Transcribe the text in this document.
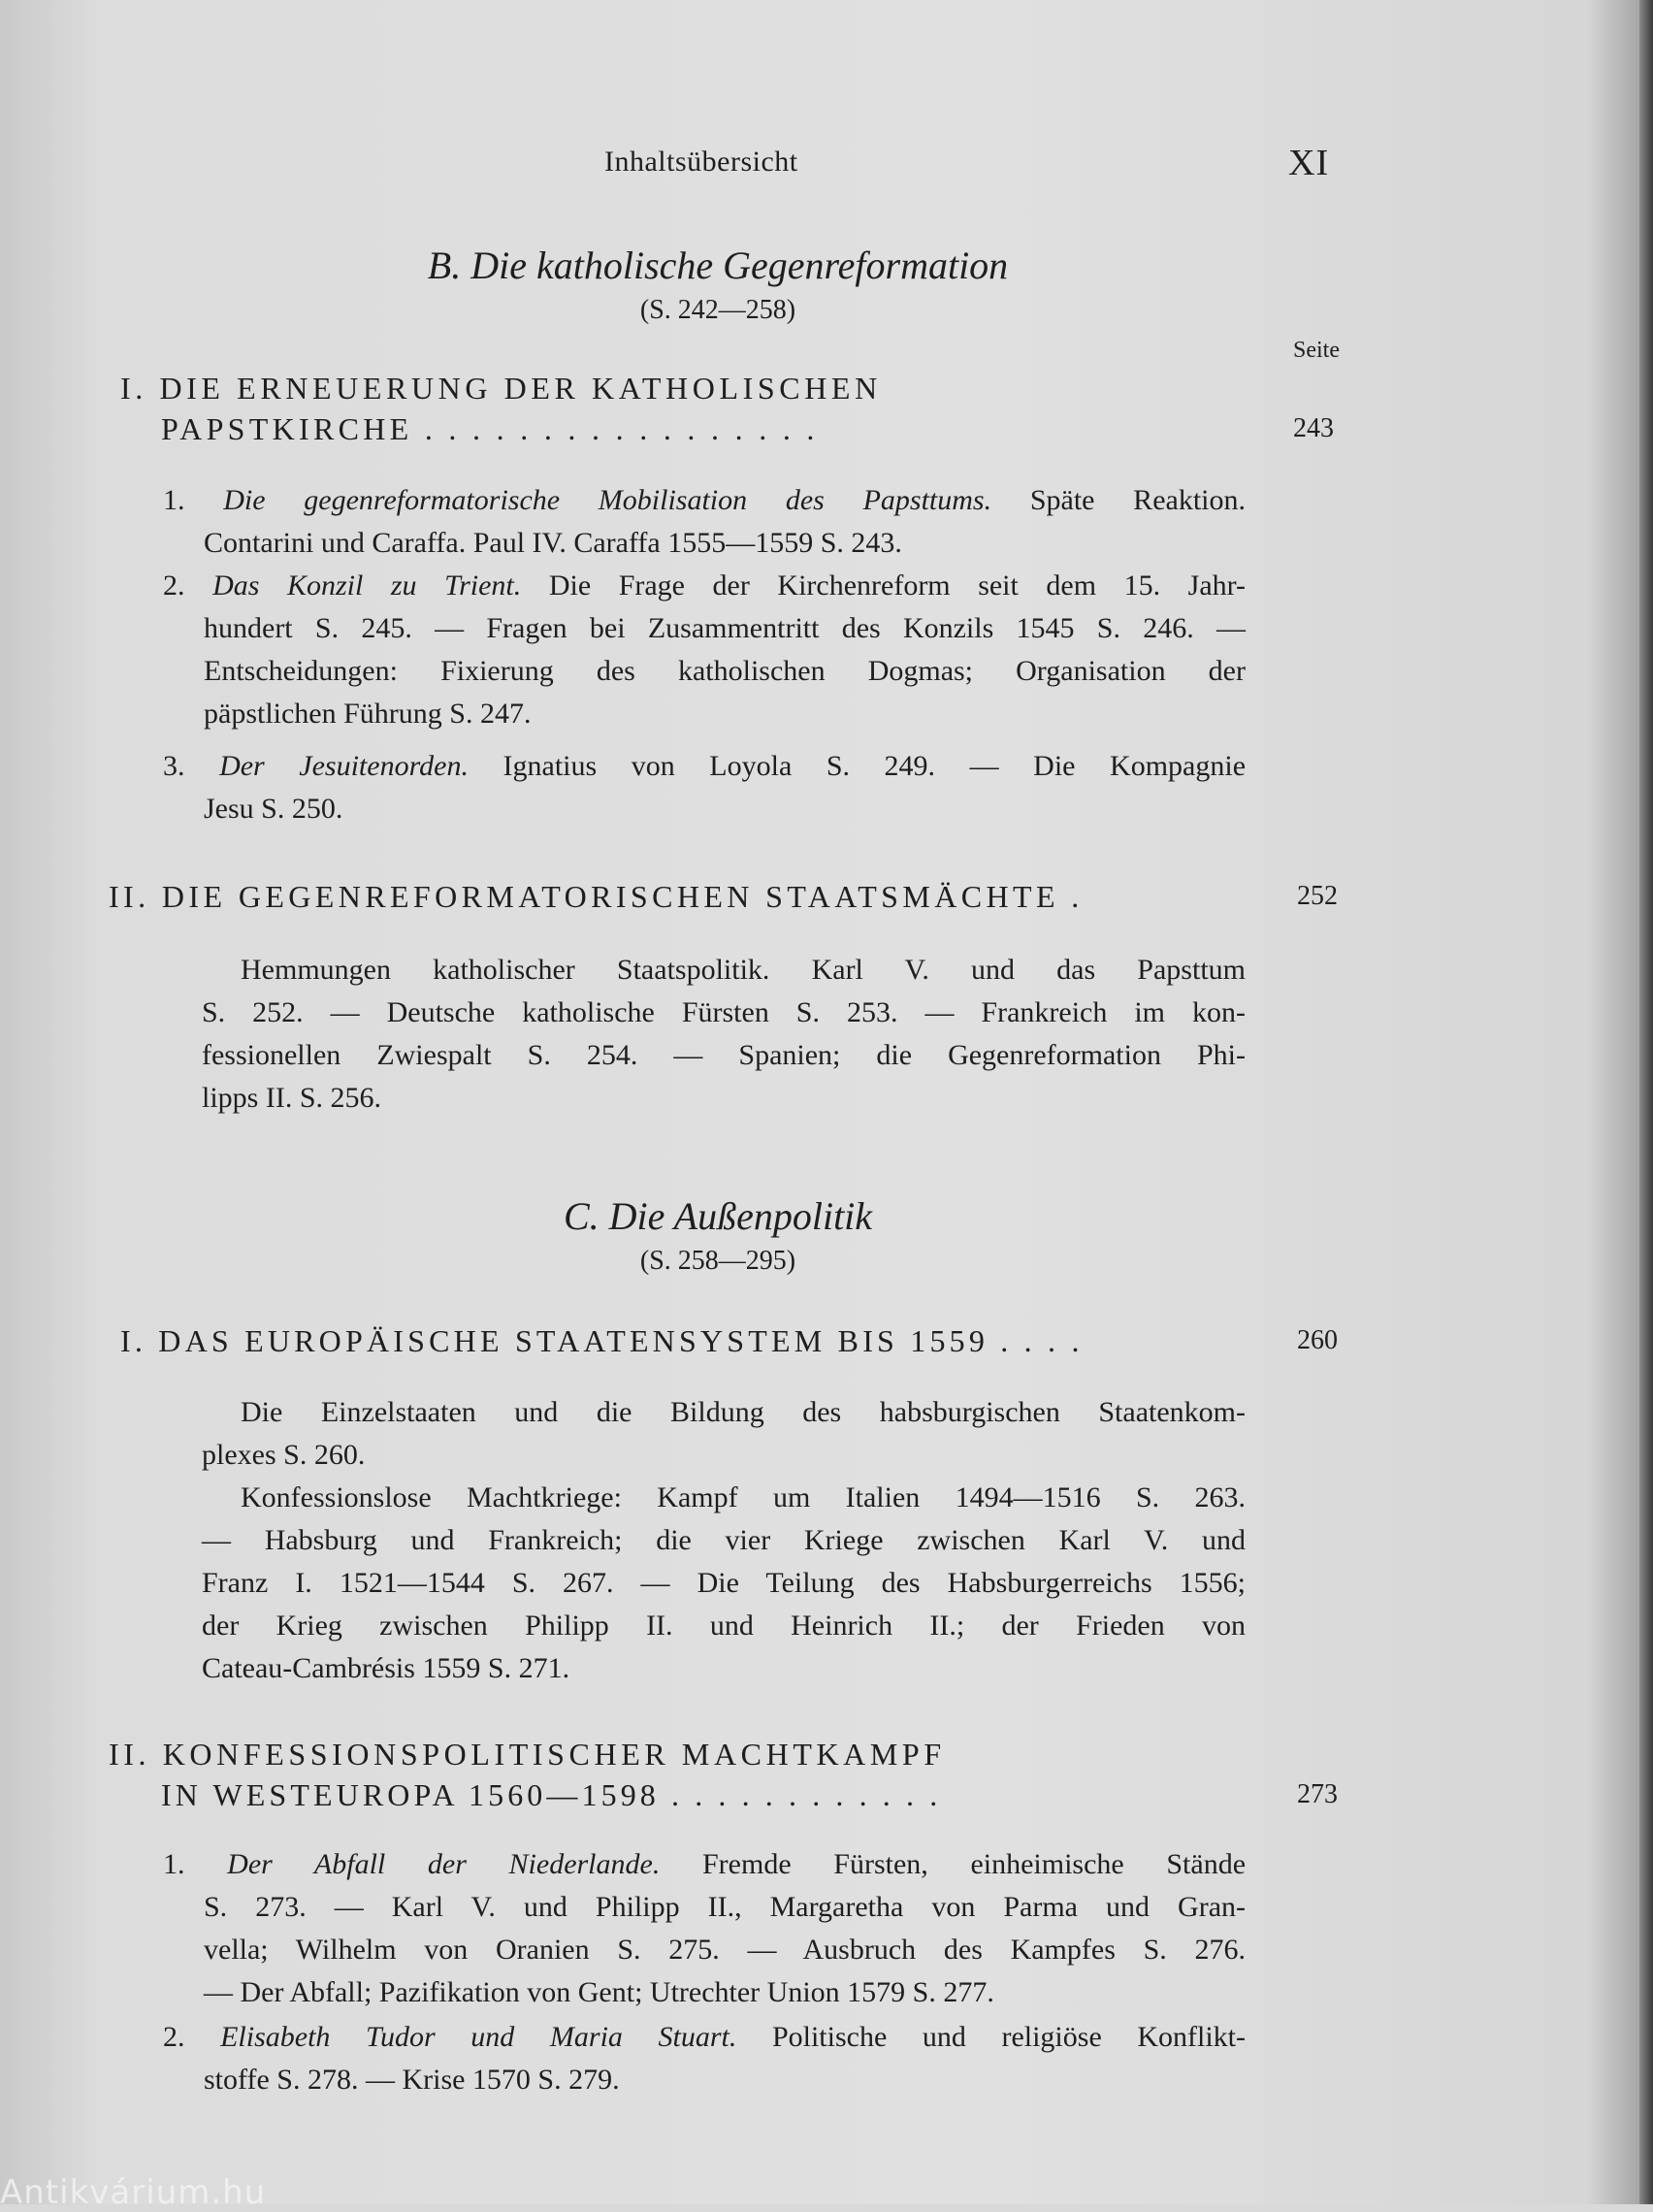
Inhaltsübersicht	XI
B. Die katholische Gegenreformation
(S. 242—258)
Seite
I. DIE ERNEUERUNG DER KATHOLISCHEN
PAPSTKIRCHE . . . . . . . . . . . . . . . . .	243
1. Die gegenreformatorische Mobilisation des Papsttums. Späte Reaktion.
Contarini und Caraffa. Paul IV. Caraffa 1555—1559 S. 243.
2. Das Konzil zu Trient. Die Frage der Kirchenreform seit dem 15. Jahr-
hundert S. 245. — Fragen bei Zusammentritt des Konzils 1545 S. 246. —
Entscheidungen: Fixierung des katholischen Dogmas; Organisation der
päpstlichen Führung S. 247.
3. Der Jesuitenorden. Ignatius von Loyola S. 249. — Die Kompagnie
Jesu S. 250.
II. DIE GEGENREFORMATORISCHEN STAATSMÄCHTE .	252
Hemmungen katholischer Staatspolitik. Karl V. und das Papsttum
S. 252. — Deutsche katholische Fürsten S. 253. — Frankreich im kon-
fessionellen Zwiespalt S. 254. — Spanien; die Gegenreformation Phi-
lipps II. S. 256.
C. Die Außenpolitik
(S. 258—295)
I. DAS EUROPÄISCHE STAATENSYSTEM BIS 1559 . . . .	260
Die Einzelstaaten und die Bildung des habsburgischen Staatenkom-
plexes S. 260.
Konfessionslose Machtkriege: Kampf um Italien 1494—1516 S. 263.
— Habsburg und Frankreich; die vier Kriege zwischen Karl V. und
Franz I. 1521—1544 S. 267. — Die Teilung des Habsburgerreichs 1556;
der Krieg zwischen Philipp II. und Heinrich II.; der Frieden von
Cateau-Cambrésis 1559 S. 271.
II. KONFESSIONSPOLITISCHER MACHTKAMPF
IN WESTEUROPA 1560—1598 . . . . . . . . . . . .	273
1. Der Abfall der Niederlande. Fremde Fürsten, einheimische Stände
S. 273. — Karl V. und Philipp II., Margaretha von Parma und Gran-
vella; Wilhelm von Oranien S. 275. — Ausbruch des Kampfes S. 276.
— Der Abfall; Pazifikation von Gent; Utrechter Union 1579 S. 277.
2. Elisabeth Tudor und Maria Stuart. Politische und religiöse Konflikt-
stoffe S. 278. — Krise 1570 S. 279.
Antikvárium.hu
